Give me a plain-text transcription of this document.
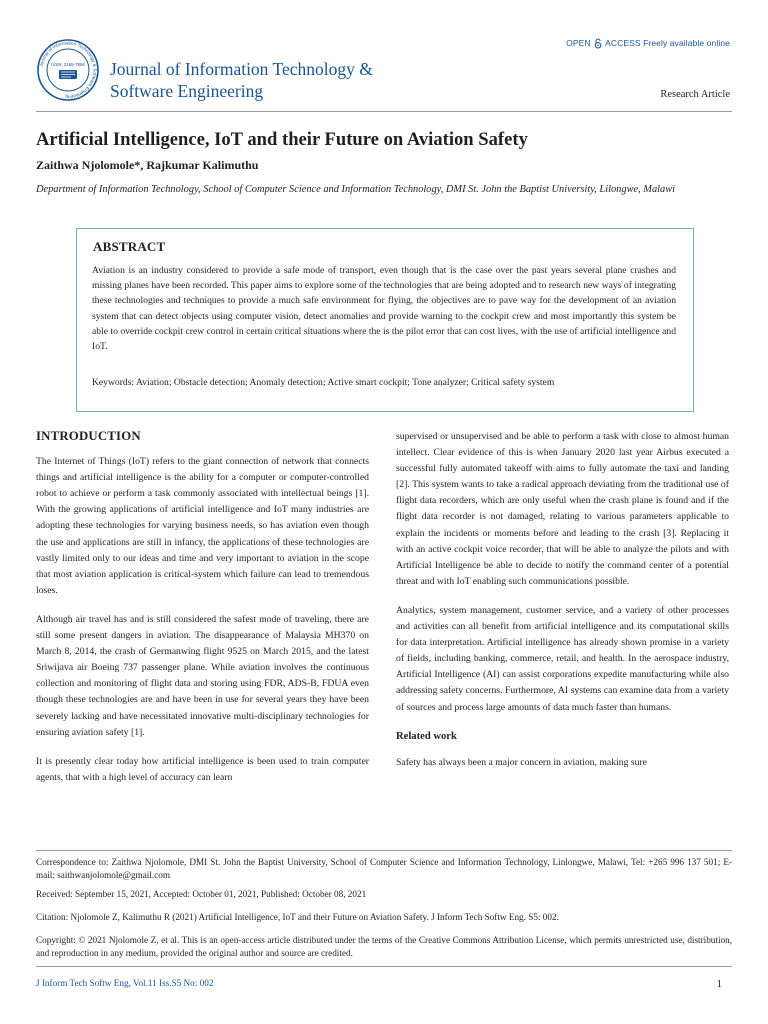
Journal of Information Technology & Software Engineering
ISSN: 2165-7866 Journal of Information Technology &
Software Engineering
OPEN ACCESS Freely available online
Research Article
Artificial Intelligence, IoT and their Future on Aviation Safety
Zaithwa Njolomole*, Rajkumar Kalimuthu
Department of Information Technology, School of Computer Science and Information Technology, DMI St. John the Baptist University, Lilongwe, Malawi
ABSTRACT
Aviation is an industry considered to provide a safe mode of transport, even though that is the case over the past years several plane crashes and missing planes have been recorded. This paper aims to explore some of the technologies that are being adopted and to research new ways of integrating these technologies and techniques to provide a much safe environment for flying, the objectives are to pave way for the development of an aviation system that can detect objects using computer vision, detect anomalies and provide warning to the cockpit crew and most importantly this system be able to override cockpit crew control in certain critical situations where the is the pilot error that can cost lives, with the use of artificial intelligence and IoT.
Keywords: Aviation; Obstacle detection; Anomaly detection; Active smart cockpit; Tone analyzer; Critical safety system
INTRODUCTION

The Internet of Things (IoT) refers to the giant connection of network that connects things and artificial intelligence is the ability for a computer or computer-controlled robot to achieve or perform a task commonly associated with intellectual beings [1]. With the growing applications of artificial intelligence and IoT many industries are adopting these technologies for varying business needs, so has aviation even though the use and applications are still in infancy, the applications of these technologies are vastly limited only to our ideas and time and very important to aviation in the scope that most aviation application is critical-system which failure can lead to tremendous loses.

Although air travel has and is still considered the safest mode of traveling, there are still some present dangers in aviation. The disappearance of Malaysia MH370 on March 8, 2014, the crash of Germanwing flight 9525 on March 2015, and the latest Sriwijava air Boeing 737 passenger plane. While aviation involves the continuous collection and monitoring of flight data and storing using FDR, ADS-B, FDUA even though these technologies are and have been in use for several years they have been severely lacking and have necessitated innovative multi-disciplinary technologies for ensuring aviation safety [1].

It is presently clear today how artificial intelligence is been used to train computer agents, that with a high level of accuracy can learn

supervised or unsupervised and be able to perform a task with close to almost human intellect. Clear evidence of this is when January 2020 last year Airbus executed a successful fully automated takeoff with aims to fully automate the taxi and landing [2]. This system wants to take a radical approach deviating from the traditional use of flight data recorders, which are only useful when the crash plane is found and if the flight data recorder is not damaged, relating to various parameters applicable to explain the incidents or moments before and leading to the crash [3]. Replacing it with an active cockpit voice recorder, that will be able to analyze the pilots and with Artificial Intelligence be able to decide to notify the command center of a potential threat and with IoT enabling such communications possible.

Analytics, system management, customer service, and a variety of other processes and activities can all benefit from artificial intelligence and its computational skills for data interpretation. Artificial intelligence has already shown promise in a variety of fields, including banking, commerce, retail, and health. In the aerospace industry, Artificial Intelligence (AI) can assist corporations expedite manufacturing while also addressing safety concerns. Furthermore, AI systems can examine data from a variety of sources and process large amounts of data much faster than humans.

Related work

Safety has always been a major concern in aviation, making sure

Correspondence to: Zaithwa Njolomole, DMI St. John the Baptist University, School of Computer Science and Information Technology, Linlongwe, Malawi, Tel: +265 996 137 501; E-mail: saithwanjolomole@gmail.com
Received: September 15, 2021, Accepted: October 01, 2021, Published: October 08, 2021
Citation: Njolomole Z, Kalimuthu R (2021) Artificial Intelligence, IoT and their Future on Aviation Safety. J Inform Tech Softw Eng. S5: 002.
Copyright: © 2021 Njolomole Z, et al. This is an open-access article distributed under the terms of the Creative Commons Attribution License, which permits unrestricted use, distribution, and reproduction in any medium, provided the original author and source are credited.
J Inform Tech Softw Eng, Vol.11 Iss.S5 No: 002	1
